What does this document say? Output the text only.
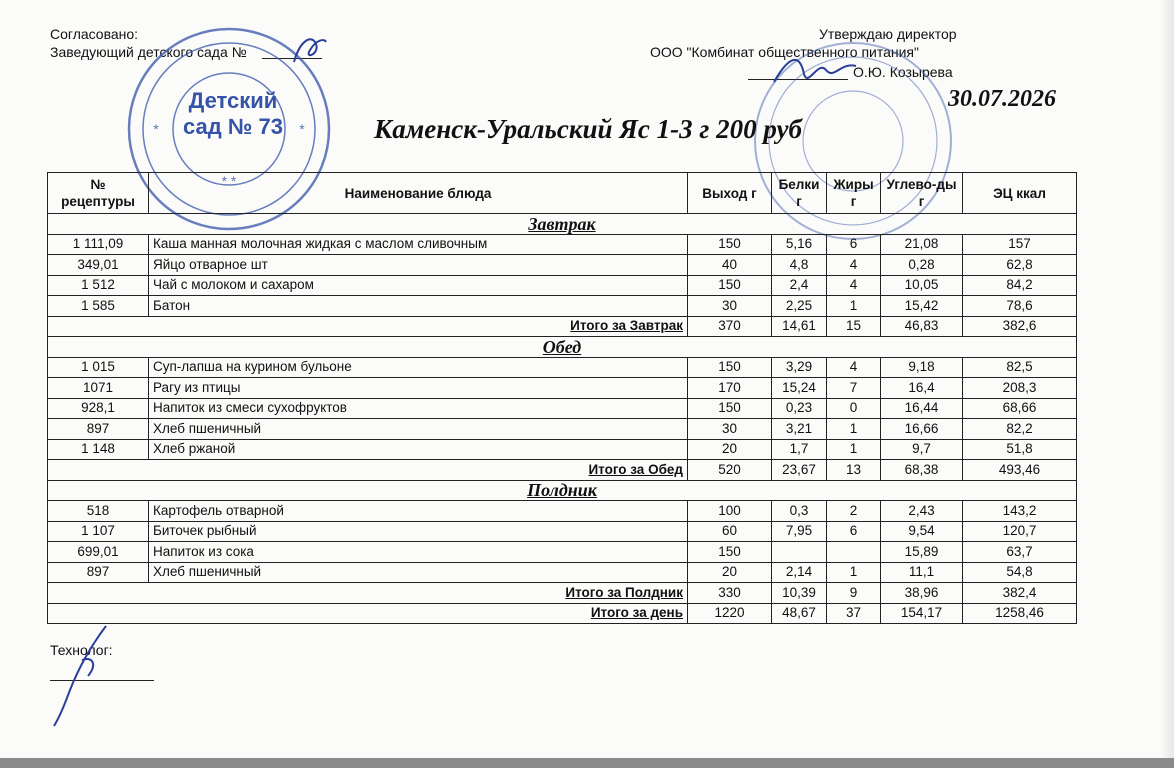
Согласовано:
Заведующий детского сада №
Утверждаю директор
ООО "Комбинат общественного питания"
О.Ю. Козырева
30.07.2026
* *
*	*
Детский сад № 73	Каменск-Уральский Яс 1-3 г 200 руб
№ рецептуры	Наименование блюда	Выход г	Белки г	Жиры г	Углево-ды г	ЭЦ ккал
Завтрак						
1 111,09	Каша манная молочная жидкая с маслом сливочным	150	5,16	6	21,08	157
349,01	Яйцо отварное шт	40	4,8	4	0,28	62,8
1 512	Чай с молоком и сахаром	150	2,4	4	10,05	84,2
1 585	Батон	30	2,25	1	15,42	78,6
Итого за Завтрак		370	14,61	15	46,83	382,6
Обед						
1 015	Суп-лапша на курином бульоне	150	3,29	4	9,18	82,5
1071	Рагу из птицы	170	15,24	7	16,4	208,3
928,1	Напиток из смеси сухофруктов	150	0,23	0	16,44	68,66
897	Хлеб пшеничный	30	3,21	1	16,66	82,2
1 148	Хлеб ржаной	20	1,7	1	9,7	51,8
Итого за Обед		520	23,67	13	68,38	493,46
Полдник						
518	Картофель отварной	100	0,3	2	2,43	143,2
1 107	Биточек рыбный	60	7,95	6	9,54	120,7
699,01	Напиток из сока	150			15,89	63,7
897	Хлеб пшеничный	20	2,14	1	11,1	54,8
Итого за Полдник		330	10,39	9	38,96	382,4
Итого за день		1220	48,67	37	154,17	1258,46
Технолог:
